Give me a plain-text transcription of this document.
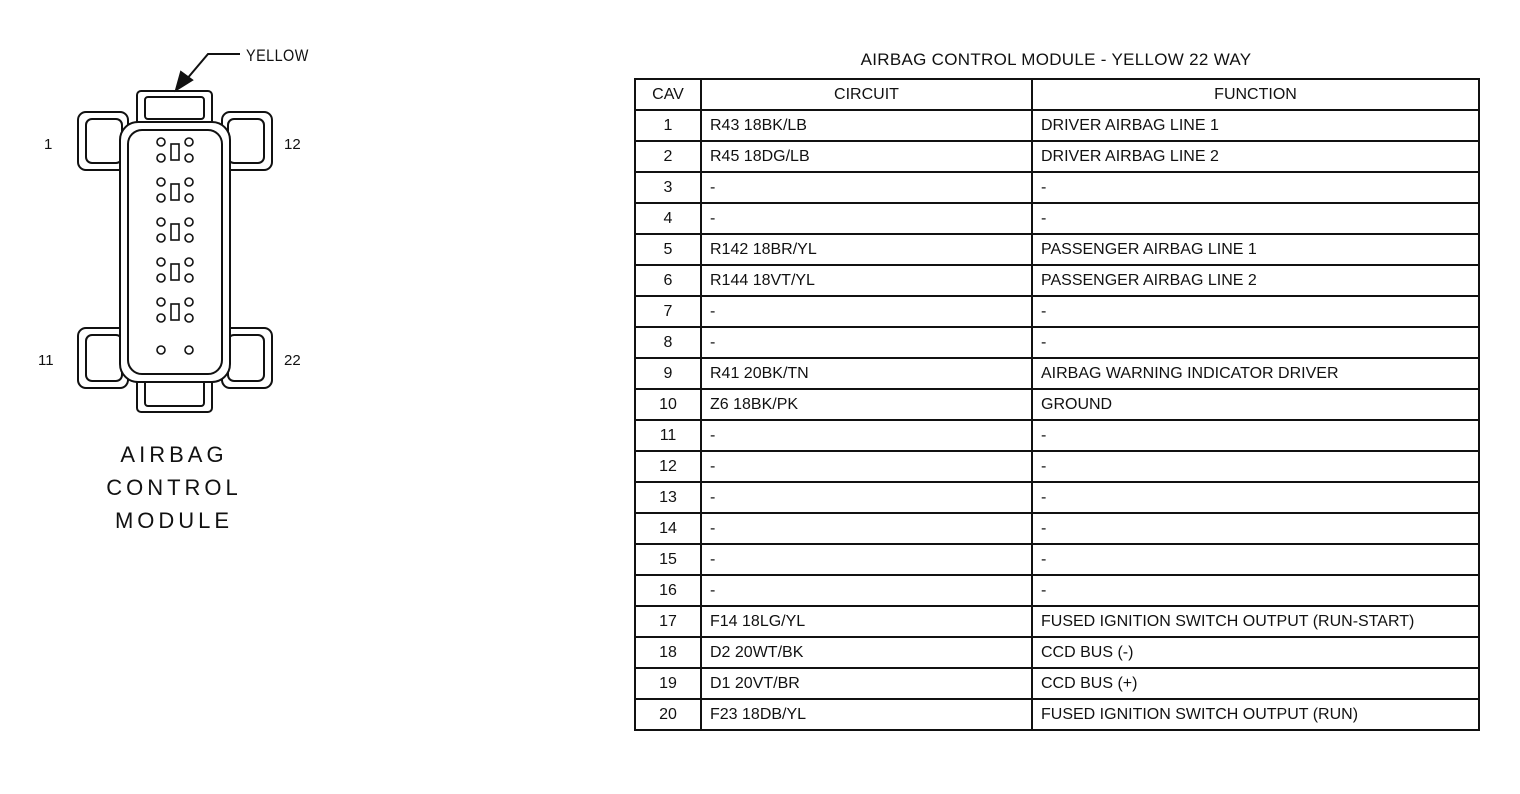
YELLOW
1	12
11	22
AIRBAG
CONTROL
MODULE
AIRBAG CONTROL MODULE - YELLOW 22 WAY
CAV	CIRCUIT	FUNCTION
1	R43 18BK/LB	DRIVER AIRBAG LINE 1
2	R45 18DG/LB	DRIVER AIRBAG LINE 2
3	-	-
4	-	-
5	R142 18BR/YL	PASSENGER AIRBAG LINE 1
6	R144 18VT/YL	PASSENGER AIRBAG LINE 2
7	-	-
8	-	-
9	R41 20BK/TN	AIRBAG WARNING INDICATOR DRIVER
10	Z6 18BK/PK	GROUND
11	-	-
12	-	-
13	-	-
14	-	-
15	-	-
16	-	-
17	F14 18LG/YL	FUSED IGNITION SWITCH OUTPUT (RUN-START)
18	D2 20WT/BK	CCD BUS (-)
19	D1 20VT/BR	CCD BUS (+)
20	F23 18DB/YL	FUSED IGNITION SWITCH OUTPUT (RUN)
